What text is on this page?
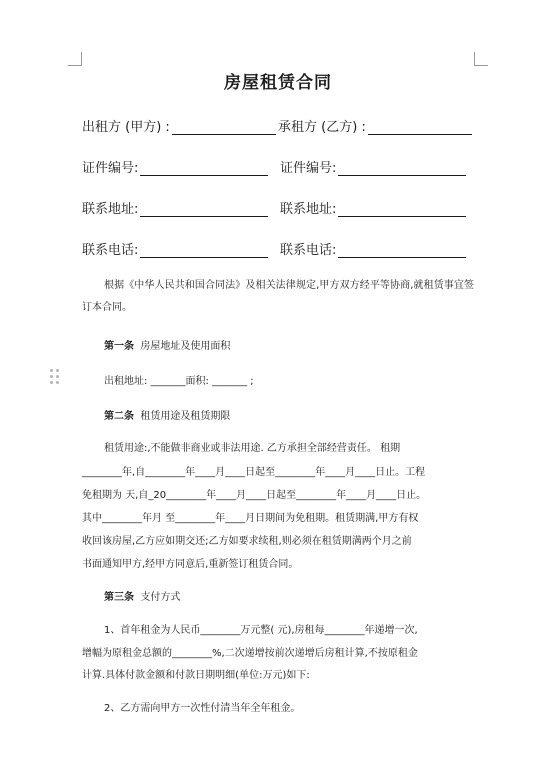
房屋租赁合同
出租方 (甲方) :	承租方 (乙方) :
证件编号:	证件编号:
联系地址:	联系地址:
联系电话:	联系电话:
根据《中华人民共和国合同法》及相关法律规定,甲方双方经平等协商,就租赁事宜签订本合同。
第一条 房屋地址及使用面积
出租地址: _______面积: _______ ;
第二条 租赁用途及租赁期限
租赁用途:,不能做非商业或非法用途. 乙方承担全部经营责任。 租期
________年,自________年____月____日起至________年____月____日止。工程
免租期为 天,自_20________年____月____日起至________年____月____日止。
其中________年月 至________年____月日期间为免租期。租赁期满,甲方有权
收回该房屋,乙方应如期交还;乙方如要求续租,则必须在租赁期满两个月之前
书面通知甲方,经甲方同意后,重新签订租赁合同。
第三条 支付方式
1、首年租金为人民币________万元整( 元),房租每________年递增一次,
增幅为原租金总额的________%,二次递增按前次递增后房租计算,不按原租金
计算.具体付款金额和付款日期明细(单位:万元)如下:
2、乙方需向甲方一次性付清当年全年租金。
